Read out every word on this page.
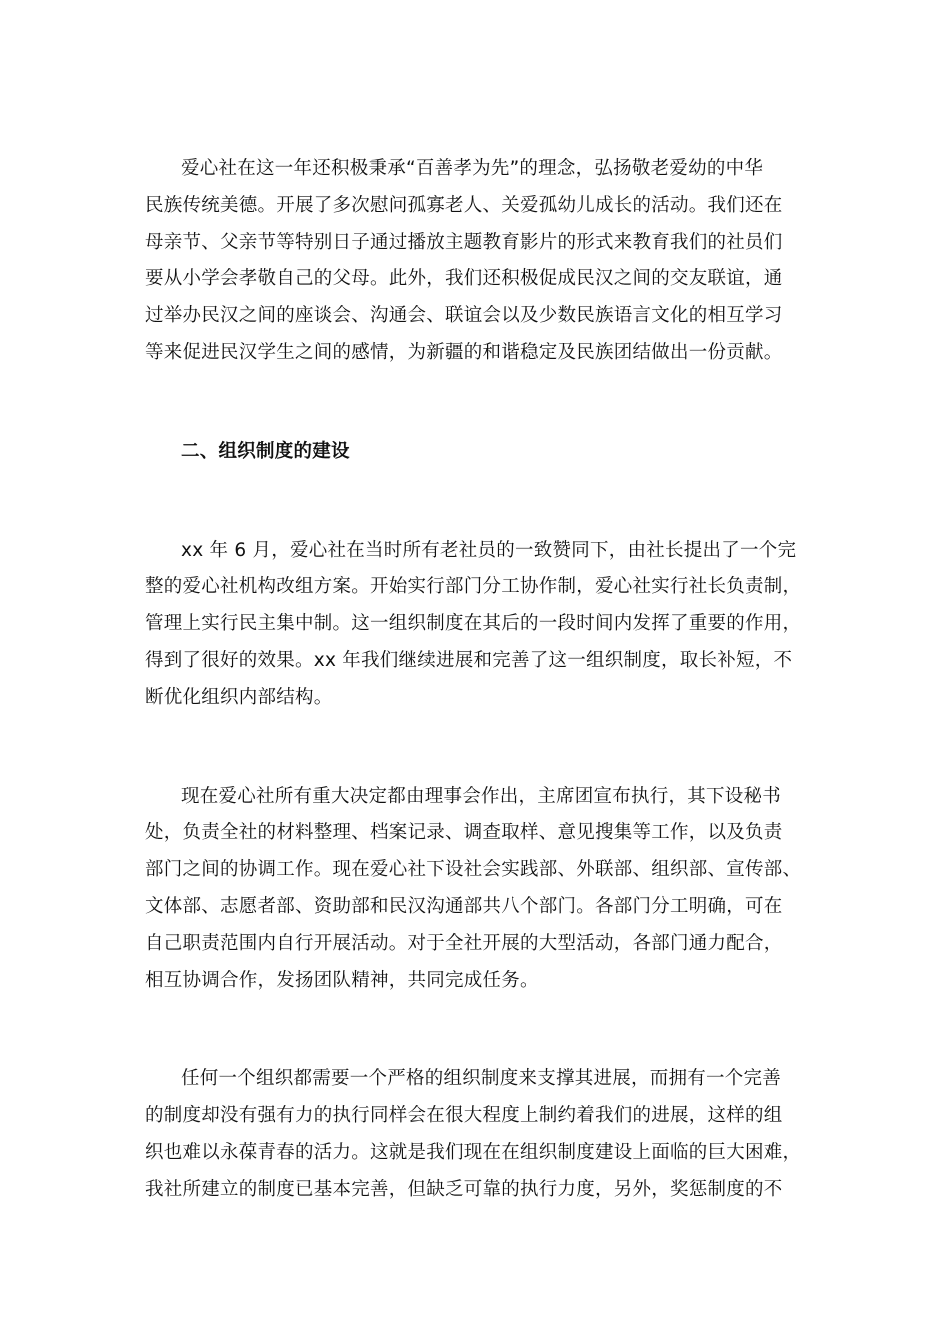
爱心社在这一年还积极秉承“百善孝为先”的理念，弘扬敬老爱幼的中华
民族传统美德。开展了多次慰问孤寡老人、关爱孤幼儿成长的活动。我们还在
母亲节、父亲节等特别日子通过播放主题教育影片的形式来教育我们的社员们
要从小学会孝敬自己的父母。此外，我们还积极促成民汉之间的交友联谊，通
过举办民汉之间的座谈会、沟通会、联谊会以及少数民族语言文化的相互学习
等来促进民汉学生之间的感情，为新疆的和谐稳定及民族团结做出一份贡献。

二、组织制度的建设

xx 年 6 月，爱心社在当时所有老社员的一致赞同下，由社长提出了一个完
整的爱心社机构改组方案。开始实行部门分工协作制，爱心社实行社长负责制，
管理上实行民主集中制。这一组织制度在其后的一段时间内发挥了重要的作用，
得到了很好的效果。xx 年我们继续进展和完善了这一组织制度，取长补短，不
断优化组织内部结构。

现在爱心社所有重大决定都由理事会作出，主席团宣布执行，其下设秘书
处，负责全社的材料整理、档案记录、调查取样、意见搜集等工作，以及负责
部门之间的协调工作。现在爱心社下设社会实践部、外联部、组织部、宣传部、
文体部、志愿者部、资助部和民汉沟通部共八个部门。各部门分工明确，可在
自己职责范围内自行开展活动。对于全社开展的大型活动，各部门通力配合，
相互协调合作，发扬团队精神，共同完成任务。

任何一个组织都需要一个严格的组织制度来支撑其进展，而拥有一个完善
的制度却没有强有力的执行同样会在很大程度上制约着我们的进展，这样的组
织也难以永葆青春的活力。这就是我们现在在组织制度建设上面临的巨大困难，
我社所建立的制度已基本完善，但缺乏可靠的执行力度，另外，奖惩制度的不
